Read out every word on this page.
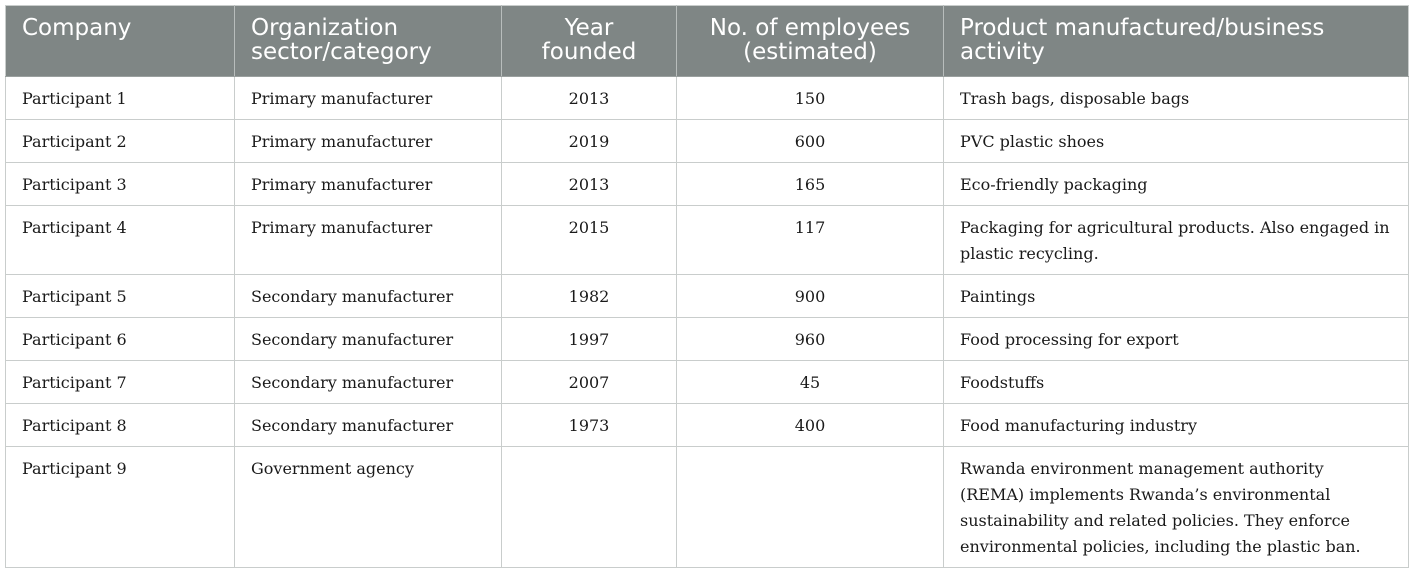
Company	Organization sector/category	Year founded	No. of employees (estimated)	Product manufactured/business activity
Participant 1	Primary manufacturer	2013	150	Trash bags, disposable bags
Participant 2	Primary manufacturer	2019	600	PVC plastic shoes
Participant 3	Primary manufacturer	2013	165	Eco-friendly packaging
Participant 4	Primary manufacturer	2015	117	Packaging for agricultural products. Also engaged in plastic recycling.
Participant 5	Secondary manufacturer	1982	900	Paintings
Participant 6	Secondary manufacturer	1997	960	Food processing for export
Participant 7	Secondary manufacturer	2007	45	Foodstuffs
Participant 8	Secondary manufacturer	1973	400	Food manufacturing industry
Participant 9	Government agency			Rwanda environment management authority (REMA) implements Rwanda’s environmental sustainability and related policies. They enforce environmental policies, including the plastic ban.
